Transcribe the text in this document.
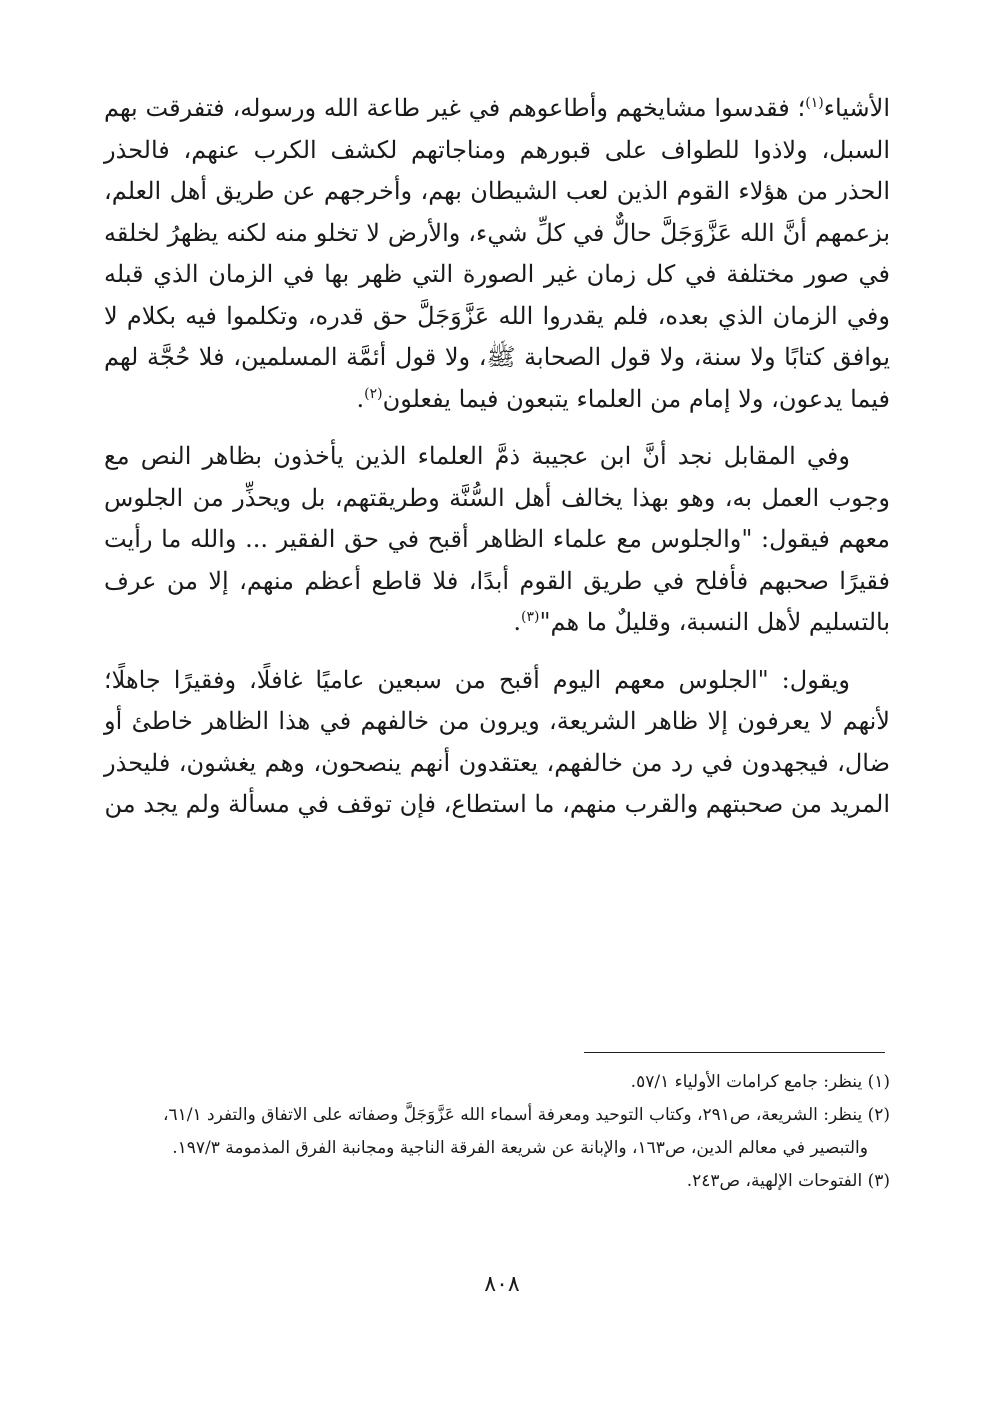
الأشياء$^{(١)}$؛ فقدسوا مشايخهم وأطاعوهم في غير طاعة الله ورسوله، فتفرقت بهم السبل، ولاذوا للطواف على قبورهم ومناجاتهم لكشف الكرب عنهم، فالحذر الحذر من هؤلاء القوم الذين لعب الشيطان بهم، وأخرجهم عن طريق أهل العلم، بزعمهم أنَّ الله عَزَّوَجَلَّ حالٌّ في كلِّ شيء، والأرض لا تخلو منه لكنه يظهرُ لخلقه في صور مختلفة في كل زمان غير الصورة التي ظهر بها في الزمان الذي قبله وفي الزمان الذي بعده، فلم يقدروا الله عَزَّوَجَلَّ حق قدره، وتكلموا فيه بكلام لا يوافق كتابًا ولا سنة، ولا قول الصحابة ﷺ، ولا قول أئمَّة المسلمين، فلا حُجَّة لهم فيما يدعون، ولا إمام من العلماء يتبعون فيما يفعلون$^{(٢)}$.

وفي المقابل نجد أنَّ ابن عجيبة ذمَّ العلماء الذين يأخذون بظاهر النص مع وجوب العمل به، وهو بهذا يخالف أهل السُّنَّة وطريقتهم، بل ويحذِّر من الجلوس معهم فيقول: "والجلوس مع علماء الظاهر أقبح في حق الفقير ... والله ما رأيت فقيرًا صحبهم فأفلح في طريق القوم أبدًا، فلا قاطع أعظم منهم، إلا من عرف بالتسليم لأهل النسبة، وقليلٌ ما هم"$^{(٣)}$.

ويقول: "الجلوس معهم اليوم أقبح من سبعين عاميًا غافلًا، وفقيرًا جاهلًا؛ لأنهم لا يعرفون إلا ظاهر الشريعة، ويرون من خالفهم في هذا الظاهر خاطئ أو ضال، فيجهدون في رد من خالفهم، يعتقدون أنهم ينصحون، وهم يغشون، فليحذر المريد من صحبتهم والقرب منهم، ما استطاع، فإن توقف في مسألة ولم يجد من

(١) ينظر: جامع كرامات الأولياء ٥٧/١.

(٢) ينظر: الشريعة، ص٢٩١، وكتاب التوحيد ومعرفة أسماء الله عَزَّوَجَلَّ وصفاته على الاتفاق والتفرد ٦١/١،

والتبصير في معالم الدين، ص١٦٣، والإبانة عن شريعة الفرقة الناجية ومجانبة الفرق المذمومة ١٩٧/٣.

(٣) الفتوحات الإلهية، ص٢٤٣.

٨٠٨
